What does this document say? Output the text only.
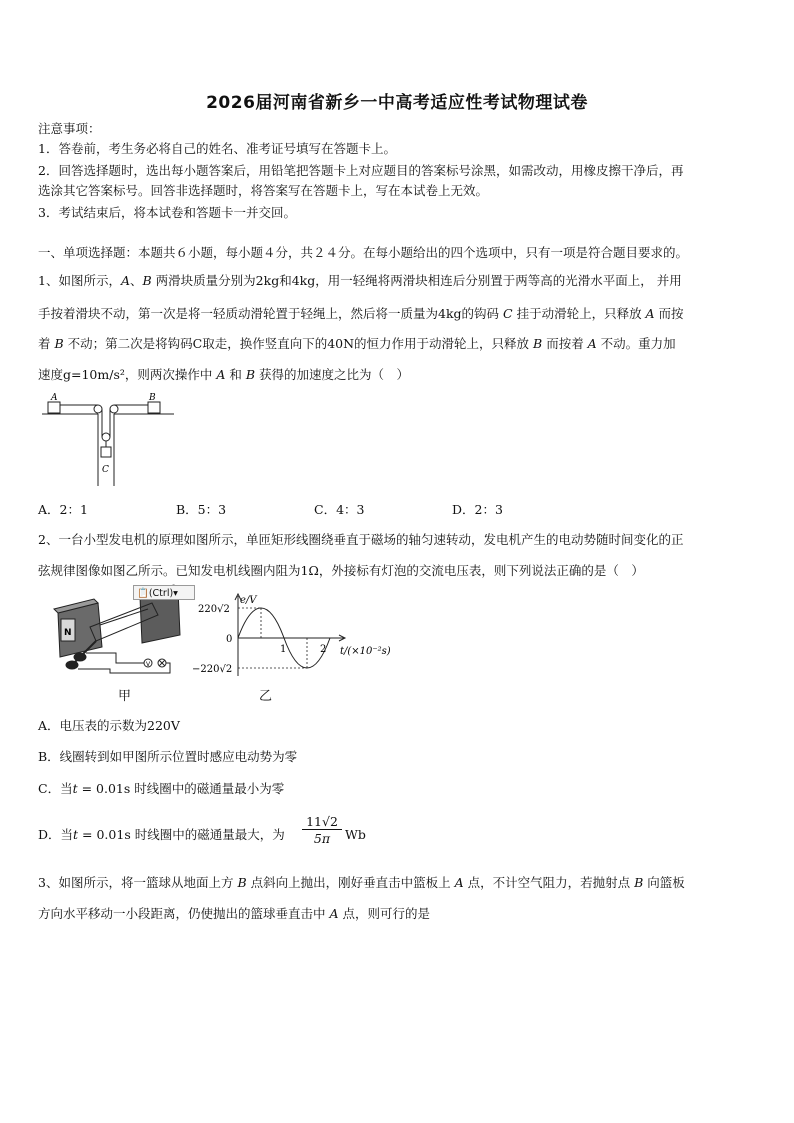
2026届河南省新乡一中高考适应性考试物理试卷
注意事项：
1．答卷前，考生务必将自己的姓名、准考证号填写在答题卡上。
2．回答选择题时，选出每小题答案后，用铅笔把答题卡上对应题目的答案标号涂黑，如需改动，用橡皮擦干净后，再
选涂其它答案标号。回答非选择题时，将答案写在答题卡上，写在本试卷上无效。
3．考试结束后，将本试卷和答题卡一并交回。
一、单项选择题：本题共６小题，每小题４分，共２４分。在每小题给出的四个选项中，只有一项是符合题目要求的。
1、如图所示，A、B 两滑块质量分别为2kg和4kg，用一轻绳将两滑块相连后分别置于两等高的光滑水平面上， 并用
手按着滑块不动，第一次是将一轻质动滑轮置于轻绳上，然后将一质量为4kg的钩码 C 挂于动滑轮上，只释放 A 而按
着 B 不动；第二次是将钩码C取走，换作竖直向下的40N的恒力作用于动滑轮上，只释放 B 而按着 A 不动。重力加
速度g=10m/s²，则两次操作中 A 和 B 获得的加速度之比为（　）
A	B
C
A．2：1	B．5：3	C．4：3	D．2：3
2、一台小型发电机的原理如图所示，单匝矩形线圈绕垂直于磁场的轴匀速转动，发电机产生的电动势随时间变化的正
弦规律图像如图乙所示。已知发电机线圈内阻为1Ω，外接标有灯泡的交流电压表，则下列说法正确的是（　）
N
V
📋(Ctrl)▾
e/V
220√2
0
−220√2
1	2 t/(×10⁻²s)
甲	乙
A．电压表的示数为220V
B．线圈转到如甲图所示位置时感应电动势为零
C．当t = 0.01s 时线圈中的磁通量最小为零
D．当t = 0.01s 时线圈中的磁通量最大，为 $\frac{11√2}{5\pi}$ Wb
3、如图所示，将一篮球从地面上方 B 点斜向上抛出，刚好垂直击中篮板上 A 点，不计空气阻力，若抛射点 B 向篮板
方向水平移动一小段距离，仍使抛出的篮球垂直击中 A 点，则可行的是
